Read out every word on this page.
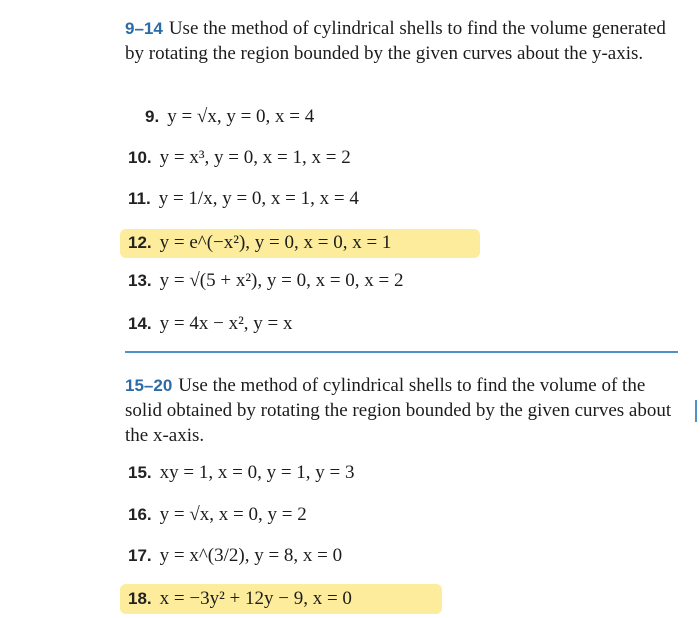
9–14 Use the method of cylindrical shells to find the volume generated by rotating the region bounded by the given curves about the y-axis.
9. y = √x, y = 0, x = 4
10. y = x³, y = 0, x = 1, x = 2
11. y = 1/x, y = 0, x = 1, x = 4
12. y = e^(−x²), y = 0, x = 0, x = 1
13. y = √(5 + x²), y = 0, x = 0, x = 2
14. y = 4x − x², y = x
15–20 Use the method of cylindrical shells to find the volume of the solid obtained by rotating the region bounded by the given curves about the x-axis.
15. xy = 1, x = 0, y = 1, y = 3
16. y = √x, x = 0, y = 2
17. y = x^(3/2), y = 8, x = 0
18. x = −3y² + 12y − 9, x = 0
